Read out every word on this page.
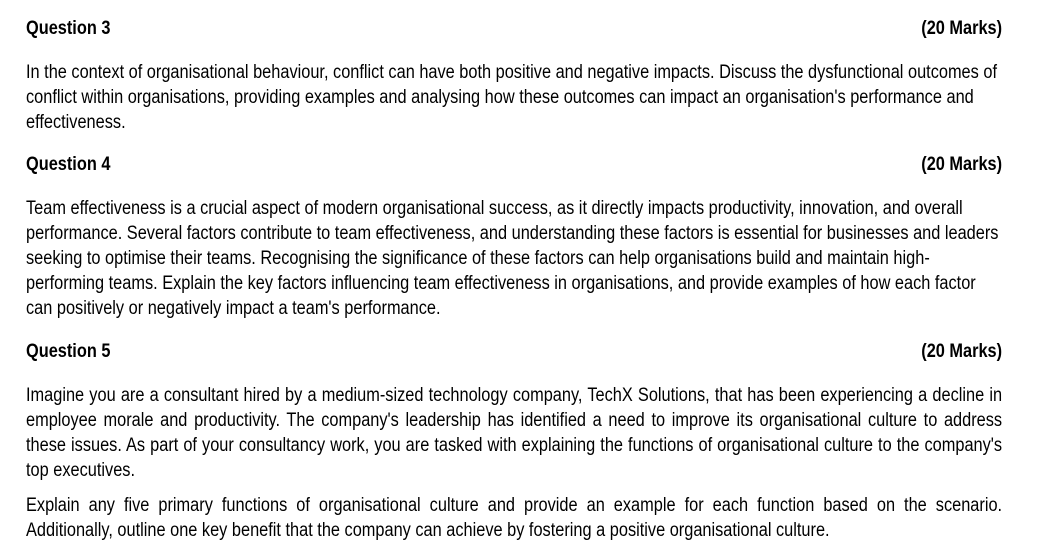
Question 3	(20 Marks)
In the context of organisational behaviour, conflict can have both positive and negative impacts. Discuss the dysfunctional outcomes of conflict within organisations, providing examples and analysing how these outcomes can impact an organisation's performance and effectiveness.
Question 4	(20 Marks)
Team effectiveness is a crucial aspect of modern organisational success, as it directly impacts productivity, innovation, and overall performance. Several factors contribute to team effectiveness, and understanding these factors is essential for businesses and leaders seeking to optimise their teams. Recognising the significance of these factors can help organisations build and maintain high-performing teams. Explain the key factors influencing team effectiveness in organisations, and provide examples of how each factor can positively or negatively impact a team's performance.
Question 5	(20 Marks)
Imagine you are a consultant hired by a medium-sized technology company, TechX Solutions, that has been experiencing a decline in employee morale and productivity. The company's leadership has identified a need to improve its organisational culture to address these issues. As part of your consultancy work, you are tasked with explaining the functions of organisational culture to the company's top executives.
Explain any five primary functions of organisational culture and provide an example for each function based on the scenario. Additionally, outline one key benefit that the company can achieve by fostering a positive organisational culture.
